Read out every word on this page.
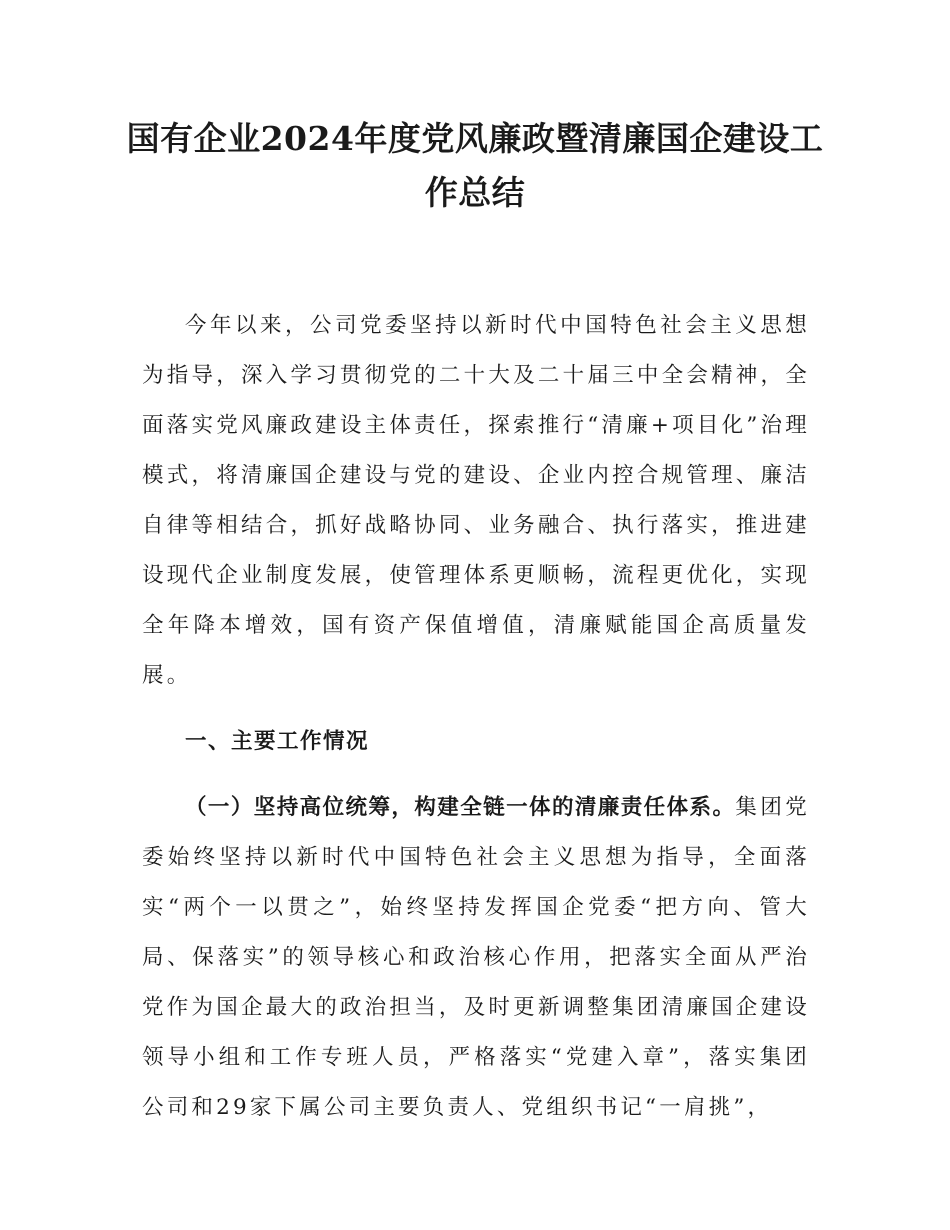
国有企业2024年度党风廉政暨清廉国企建设工作总结

今年以来，公司党委坚持以新时代中国特色社会主义思想为指导，深入学习贯彻党的二十大及二十届三中全会精神，全面落实党风廉政建设主体责任，探索推行“清廉+项目化”治理模式，将清廉国企建设与党的建设、企业内控合规管理、廉洁自律等相结合，抓好战略协同、业务融合、执行落实，推进建设现代企业制度发展，使管理体系更顺畅，流程更优化，实现全年降本增效，国有资产保值增值，清廉赋能国企高质量发展。

一、主要工作情况

（一）坚持高位统筹，构建全链一体的清廉责任体系。集团党委始终坚持以新时代中国特色社会主义思想为指导，全面落实“两个一以贯之”，始终坚持发挥国企党委“把方向、管大局、保落实”的领导核心和政治核心作用，把落实全面从严治党作为国企最大的政治担当，及时更新调整集团清廉国企建设领导小组和工作专班人员，严格落实“党建入章”，落实集团公司和29家下属公司主要负责人、党组织书记“一肩挑”，
